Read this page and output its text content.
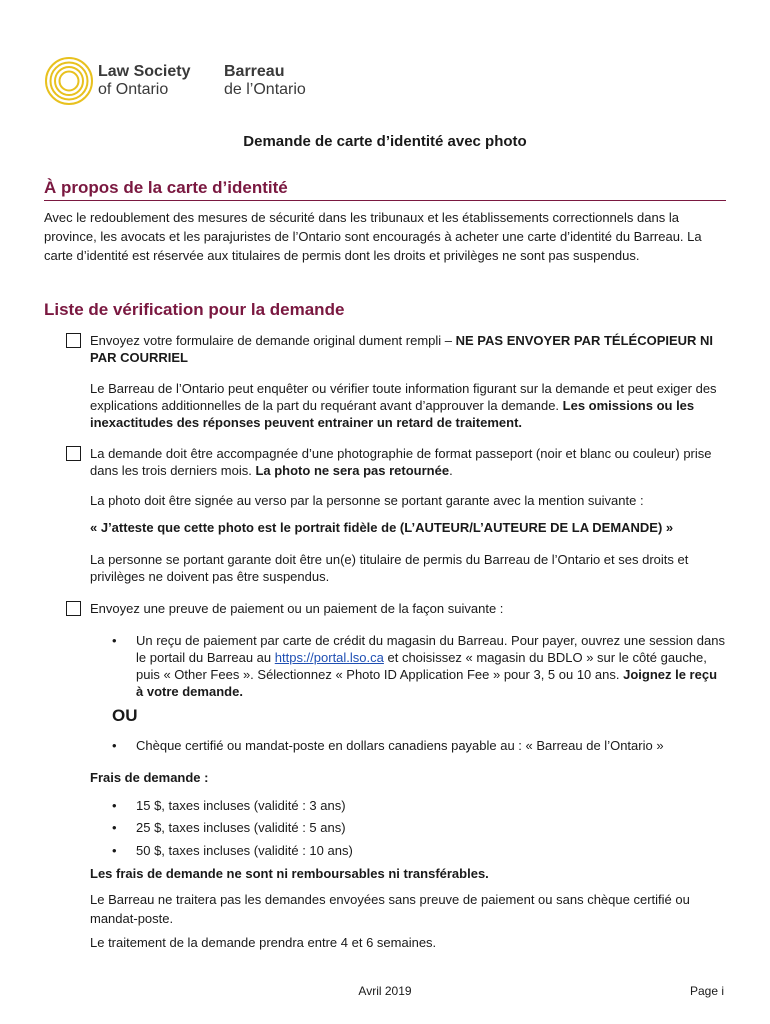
Law Society
of Ontario
Barreau
de l’Ontario
Demande de carte d’identité avec photo
À propos de la carte d’identité
Avec le redoublement des mesures de sécurité dans les tribunaux et les établissements correctionnels dans la province, les avocats et les parajuristes de l’Ontario sont encouragés à acheter une carte d’identité du Barreau. La carte d’identité est réservée aux titulaires de permis dont les droits et privilèges ne sont pas suspendus.
Liste de vérification pour la demande
Envoyez votre formulaire de demande original dument rempli – NE PAS ENVOYER PAR TÉLÉCOPIEUR NI PAR COURRIEL
Le Barreau de l’Ontario peut enquêter ou vérifier toute information figurant sur la demande et peut exiger des explications additionnelles de la part du requérant avant d’approuver la demande. Les omissions ou les inexactitudes des réponses peuvent entrainer un retard de traitement.
La demande doit être accompagnée d’une photographie de format passeport (noir et blanc ou couleur) prise dans les trois derniers mois. La photo ne sera pas retournée.
La photo doit être signée au verso par la personne se portant garante avec la mention suivante :
« J’atteste que cette photo est le portrait fidèle de (L’AUTEUR/L’AUTEURE DE LA DEMANDE) »
La personne se portant garante doit être un(e) titulaire de permis du Barreau de l’Ontario et ses droits et privilèges ne doivent pas être suspendus.
Envoyez une preuve de paiement ou un paiement de la façon suivante :
• Un reçu de paiement par carte de crédit du magasin du Barreau. Pour payer, ouvrez une session dans le portail du Barreau au https://portal.lso.ca et choisissez « magasin du BDLO » sur le côté gauche, puis « Other Fees ». Sélectionnez « Photo ID Application Fee » pour 3, 5 ou 10 ans. Joignez le reçu à votre demande.
OU
• Chèque certifié ou mandat-poste en dollars canadiens payable au : « Barreau de l’Ontario »
Frais de demande :
• 15 $, taxes incluses (validité : 3 ans)
• 25 $, taxes incluses (validité : 5 ans)
• 50 $, taxes incluses (validité : 10 ans)
Les frais de demande ne sont ni remboursables ni transférables.
Le Barreau ne traitera pas les demandes envoyées sans preuve de paiement ou sans chèque certifié ou mandat-poste.
Le traitement de la demande prendra entre 4 et 6 semaines.
Avril 2019	Page i
